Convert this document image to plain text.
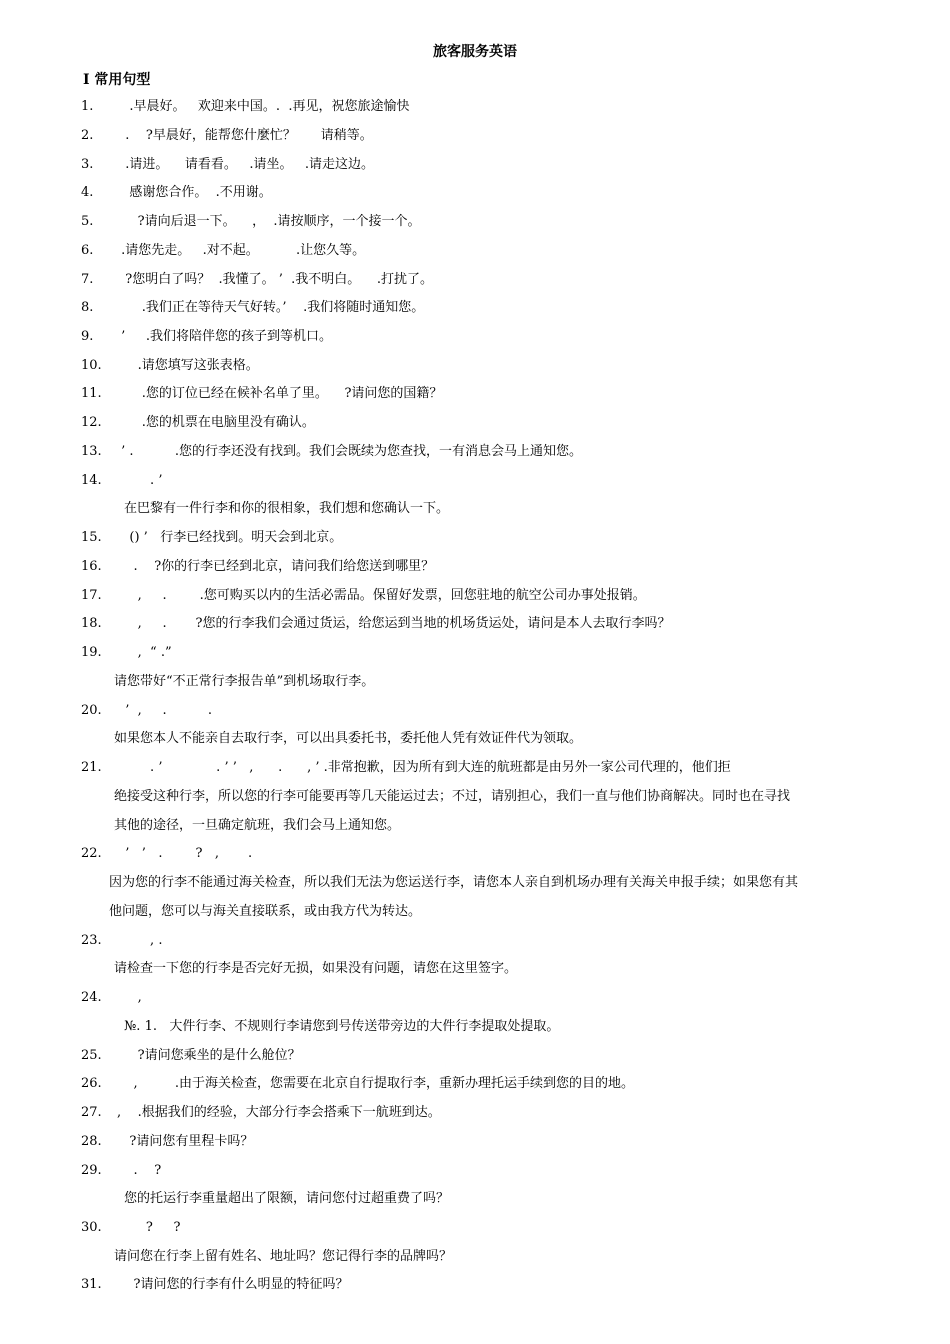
旅客服务英语
Ⅰ 常用句型
1.   .早晨好。   欢迎来中国。.  .再见，祝您旅途愉快
2.  .    ?早晨好，能帮您什麼忙？      请稍等。
3.  .请进。    请看看。   .请坐。   .请走这边。
4.   感谢您合作。  .不用谢。
5.     ?请向后退一下。    ，  .请按顺序，一个接一个。
6. .请您先走。   .对不起。         .让您久等。
7.  ?您明白了吗？  .我懂了。 ’  .我不明白。    .打扰了。
8.      .我们正在等待天气好转。’    .我们将随时通知您。
9. ’     .我们将陪伴您的孩子到等机口。
10.     .请您填写这张表格。
11.      .您的订位已经在候补名单了里。    ?请问您的国籍？
12.      .您的机票在电脑里没有确认。
13. ’ .          .您的行李还没有找到。我们会既续为您查找，一有消息会马上通知您。
14.        . ’
在巴黎有一件行李和你的很相象，我们想和您确认一下。
15.   () ’   行李已经找到。明天会到北京。
16.    .    ?你的行李已经到北京，请问我们给您送到哪里？
17.     ,     .        .您可购买以内的生活必需品。保留好发票，回您驻地的航空公司办事处报销。
18.     ,     .       ?您的行李我们会通过货运，给您运到当地的机场货运处，请问是本人去取行李吗？
19.     ,  “ .”
请您带好“不正常行李报告单”到机场取行李。
20.  ’  ,     .          .
如果您本人不能亲自去取行李，可以出具委托书，委托他人凭有效证件代为领取。
21.        . ’             . ’ ’   ,      .      , ’ .非常抱歉，因为所有到大连的航班都是由另外一家公司代理的，他们拒
绝接受这种行李，所以您的行李可能要再等几天能运过去；不过，请别担心，我们一直与他们协商解决。同时也在寻找
其他的途径，一旦确定航班，我们会马上通知您。
22.  ’   ’   .        ?   ,       .
因为您的行李不能通过海关检查，所以我们无法为您运送行李，请您本人亲自到机场办理有关海关申报手续；如果您有其
他问题，您可以与海关直接联系，或由我方代为转达。
23.        , .
请检查一下您的行李是否完好无损，如果没有问题，请您在这里签字。
24.     ,
№. 1.   大件行李、不规则行李请您到号传送带旁边的大件行李提取处提取。
25.     ?请问您乘坐的是什么舱位？
26.    ,         .由于海关检查，您需要在北京自行提取行李，重新办理托运手续到您的目的地。
27. ,    .根据我们的经验，大部分行李会搭乘下一航班到达。
28.   ?请问您有里程卡吗？
29.    .    ?
您的托运行李重量超出了限额，请问您付过超重费了吗？
30.       ?     ?
请问您在行李上留有姓名、地址吗？您记得行李的品牌吗？
31.    ?请问您的行李有什么明显的特征吗？
